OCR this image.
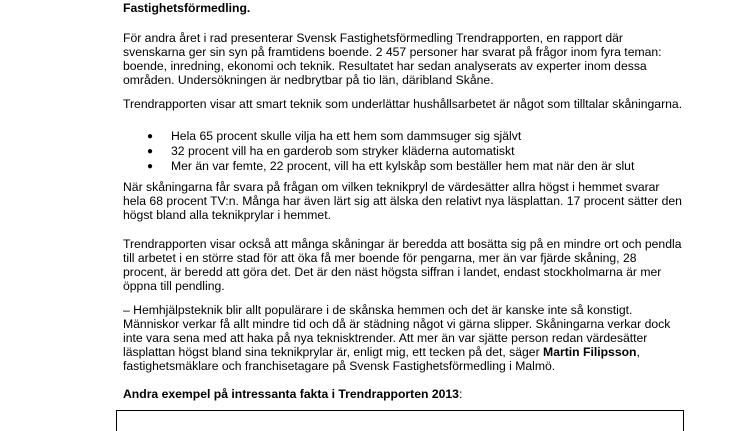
Fastighetsförmedling.

För andra året i rad presenterar Svensk Fastighetsförmedling Trendrapporten, en rapport där svenskarna ger sin syn på framtidens boende. 2 457 personer har svarat på frågor inom fyra teman: boende, inredning, ekonomi och teknik. Resultatet har sedan analyserats av experter inom dessa områden. Undersökningen är nedbrytbar på tio län, däribland Skåne.

Trendrapporten visar att smart teknik som underlättar hushållsarbetet är något som tilltalar skåningarna.

● Hela 65 procent skulle vilja ha ett hem som dammsuger sig självt
● 32 procent vill ha en garderob som stryker kläderna automatiskt
● Mer än var femte, 22 procent, vill ha ett kylskåp som beställer hem mat när den är slut

När skåningarna får svara på frågan om vilken teknikpryl de värdesätter allra högst i hemmet svarar hela 68 procent TV:n. Många har även lärt sig att älska den relativt nya läsplattan. 17 procent sätter den högst bland alla teknikprylar i hemmet.

Trendrapporten visar också att många skåningar är beredda att bosätta sig på en mindre ort och pendla till arbetet i en större stad för att öka få mer boende för pengarna, mer än var fjärde skåning, 28 procent, är beredd att göra det. Det är den näst högsta siffran i landet, endast stockholmarna är mer öppna till pendling.

– Hemhjälpsteknik blir allt populärare i de skånska hemmen och det är kanske inte så konstigt. Människor verkar få allt mindre tid och då är städning något vi gärna slipper. Skåningarna verkar dock inte vara sena med att haka på nya teknisktrender. Att mer än var sjätte person redan värdesätter läsplattan högst bland sina teknikprylar är, enligt mig, ett tecken på det, säger Martin Filipsson, fastighetsmäklare och franchisetagare på Svensk Fastighetsförmedling i Malmö.

Andra exempel på intressanta fakta i Trendrapporten 2013:
